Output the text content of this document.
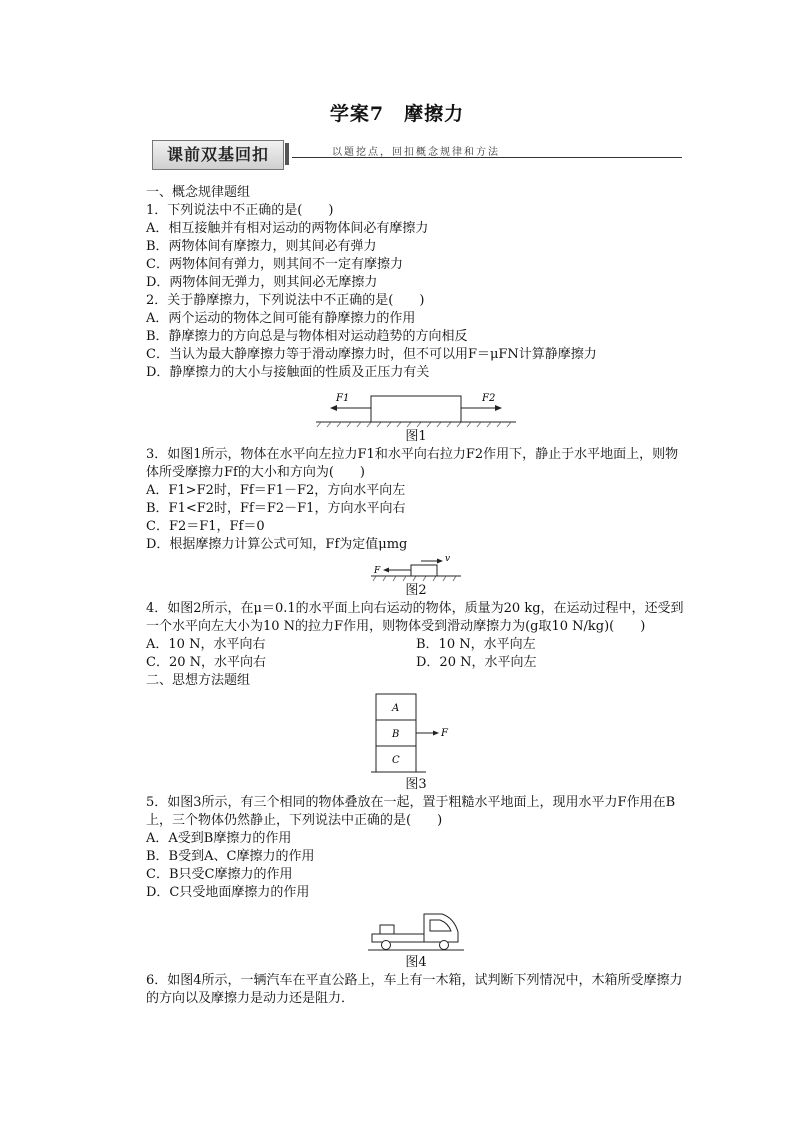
学案7　摩擦力
课前双基回扣	以题挖点，回扣概念规律和方法
一、概念规律题组
1．下列说法中不正确的是(　　)
A．相互接触并有相对运动的两物体间必有摩擦力
B．两物体间有摩擦力，则其间必有弹力
C．两物体间有弹力，则其间不一定有摩擦力
D．两物体间无弹力，则其间必无摩擦力
2．关于静摩擦力，下列说法中不正确的是(　　)
A．两个运动的物体之间可能有静摩擦力的作用
B．静摩擦力的方向总是与物体相对运动趋势的方向相反
C．当认为最大静摩擦力等于滑动摩擦力时，但不可以用F＝μFN计算静摩擦力
D．静摩擦力的大小与接触面的性质及正压力有关
F1	F2
图1
3．如图1所示，物体在水平向左拉力F1和水平向右拉力F2作用下，静止于水平地面上，则物体所受摩擦力Ff的大小和方向为(　　)
A．F1>F2时，Ff＝F1－F2，方向水平向左
B．F1<F2时，Ff＝F2－F1，方向水平向右
C．F2＝F1，Ff＝0
D．根据摩擦力计算公式可知，Ff为定值μmg
F
v
图2
4．如图2所示，在μ＝0.1的水平面上向右运动的物体，质量为20 kg，在运动过程中，还受到一个水平向左大小为10 N的拉力F作用，则物体受到滑动摩擦力为(g取10 N/kg)(　　)
A．10 N，水平向右	B．10 N，水平向左
C．20 N，水平向右	D．20 N，水平向左
二、思想方法题组
A
B
C
F
图3
5．如图3所示，有三个相同的物体叠放在一起，置于粗糙水平地面上，现用水平力F作用在B上，三个物体仍然静止，下列说法中正确的是(　　)
A．A受到B摩擦力的作用
B．B受到A、C摩擦力的作用
C．B只受C摩擦力的作用
D．C只受地面摩擦力的作用
图4
6．如图4所示，一辆汽车在平直公路上，车上有一木箱，试判断下列情况中，木箱所受摩擦力的方向以及摩擦力是动力还是阻力．
